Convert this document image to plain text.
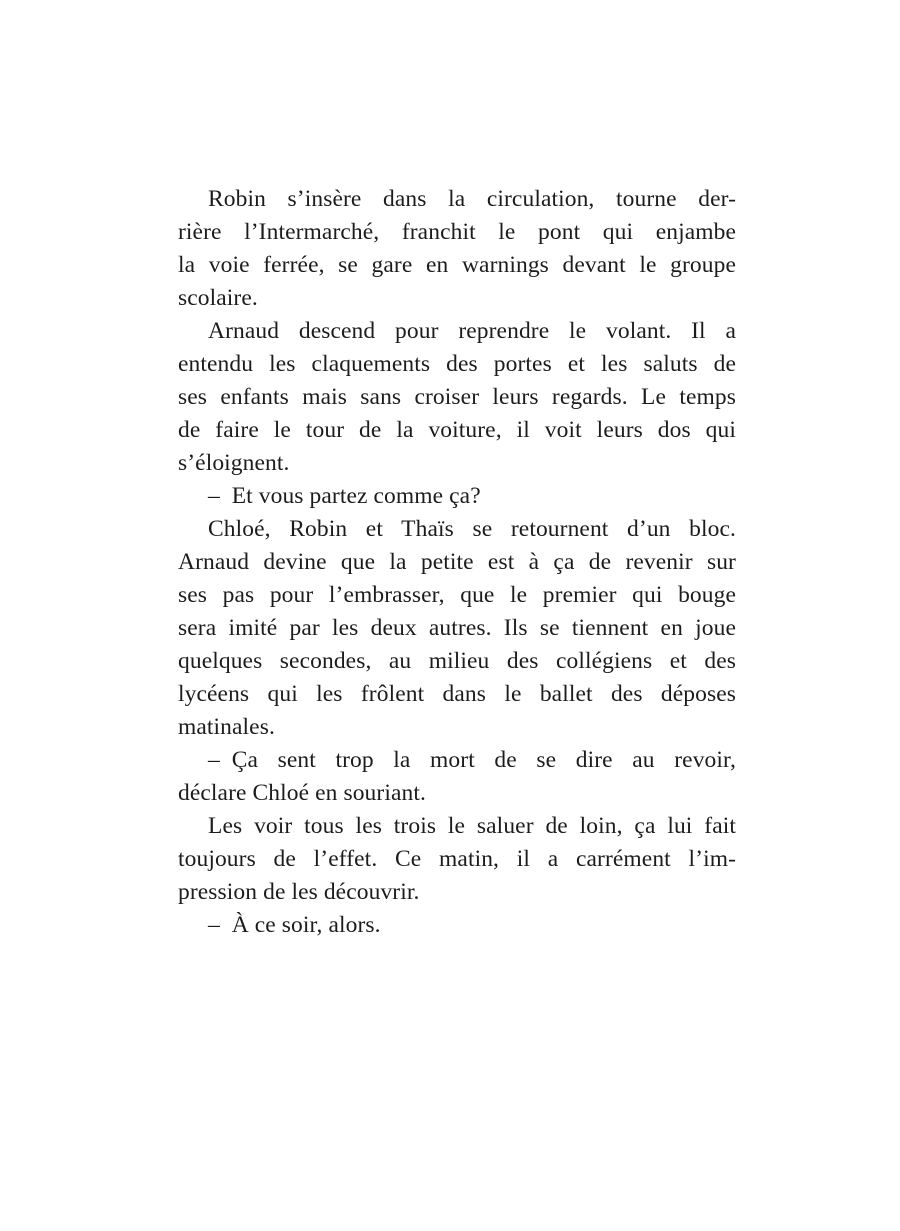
Robin s’insère dans la circulation, tourne der-
rière l’Intermarché, franchit le pont qui enjambe
la voie ferrée, se gare en warnings devant le groupe
scolaire.
Arnaud descend pour reprendre le volant. Il a
entendu les claquements des portes et les saluts de
ses enfants mais sans croiser leurs regards. Le temps
de faire le tour de la voiture, il voit leurs dos qui
s’éloignent.
– Et vous partez comme ça?
Chloé, Robin et Thaïs se retournent d’un bloc.
Arnaud devine que la petite est à ça de revenir sur
ses pas pour l’embrasser, que le premier qui bouge
sera imité par les deux autres. Ils se tiennent en joue
quelques secondes, au milieu des collégiens et des
lycéens qui les frôlent dans le ballet des déposes
matinales.
– Ça sent trop la mort de se dire au revoir,
déclare Chloé en souriant.
Les voir tous les trois le saluer de loin, ça lui fait
toujours de l’effet. Ce matin, il a carrément l’im-
pression de les découvrir.
– À ce soir, alors.
